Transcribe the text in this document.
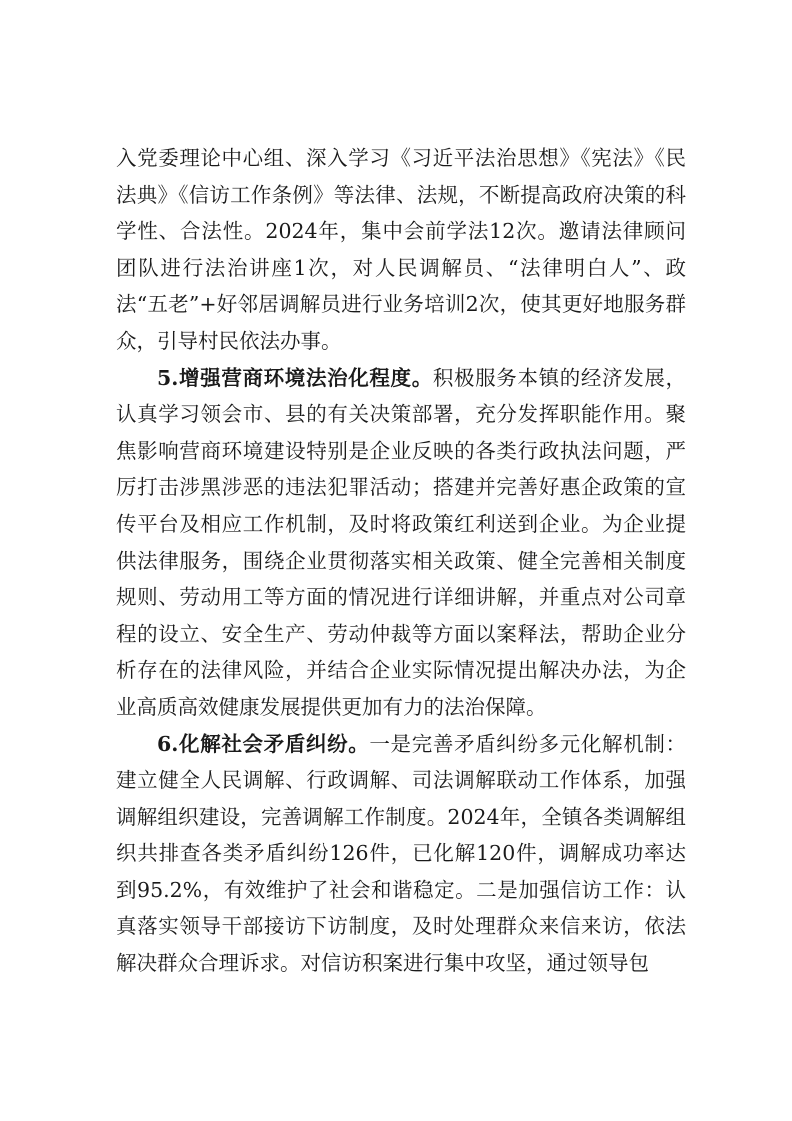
入党委理论中心组、深入学习《习近平法治思想》《宪法》《民法典》《信访工作条例》等法律、法规，不断提高政府决策的科学性、合法性。2024年，集中会前学法12次。邀请法律顾问团队进行法治讲座1次，对人民调解员、“法律明白人”、政法“五老”+好邻居调解员进行业务培训2次，使其更好地服务群众，引导村民依法办事。

5.增强营商环境法治化程度。积极服务本镇的经济发展，认真学习领会市、县的有关决策部署，充分发挥职能作用。聚焦影响营商环境建设特别是企业反映的各类行政执法问题，严厉打击涉黑涉恶的违法犯罪活动；搭建并完善好惠企政策的宣传平台及相应工作机制，及时将政策红利送到企业。为企业提供法律服务，围绕企业贯彻落实相关政策、健全完善相关制度规则、劳动用工等方面的情况进行详细讲解，并重点对公司章程的设立、安全生产、劳动仲裁等方面以案释法，帮助企业分析存在的法律风险，并结合企业实际情况提出解决办法，为企业高质高效健康发展提供更加有力的法治保障。

6.化解社会矛盾纠纷。一是完善矛盾纠纷多元化解机制：建立健全人民调解、行政调解、司法调解联动工作体系，加强调解组织建设，完善调解工作制度。2024年，全镇各类调解组织共排查各类矛盾纠纷126件，已化解120件，调解成功率达到95.2%，有效维护了社会和谐稳定。二是加强信访工作：认真落实领导干部接访下访制度，及时处理群众来信来访，依法解决群众合理诉求。对信访积案进行集中攻坚，通过领导包
